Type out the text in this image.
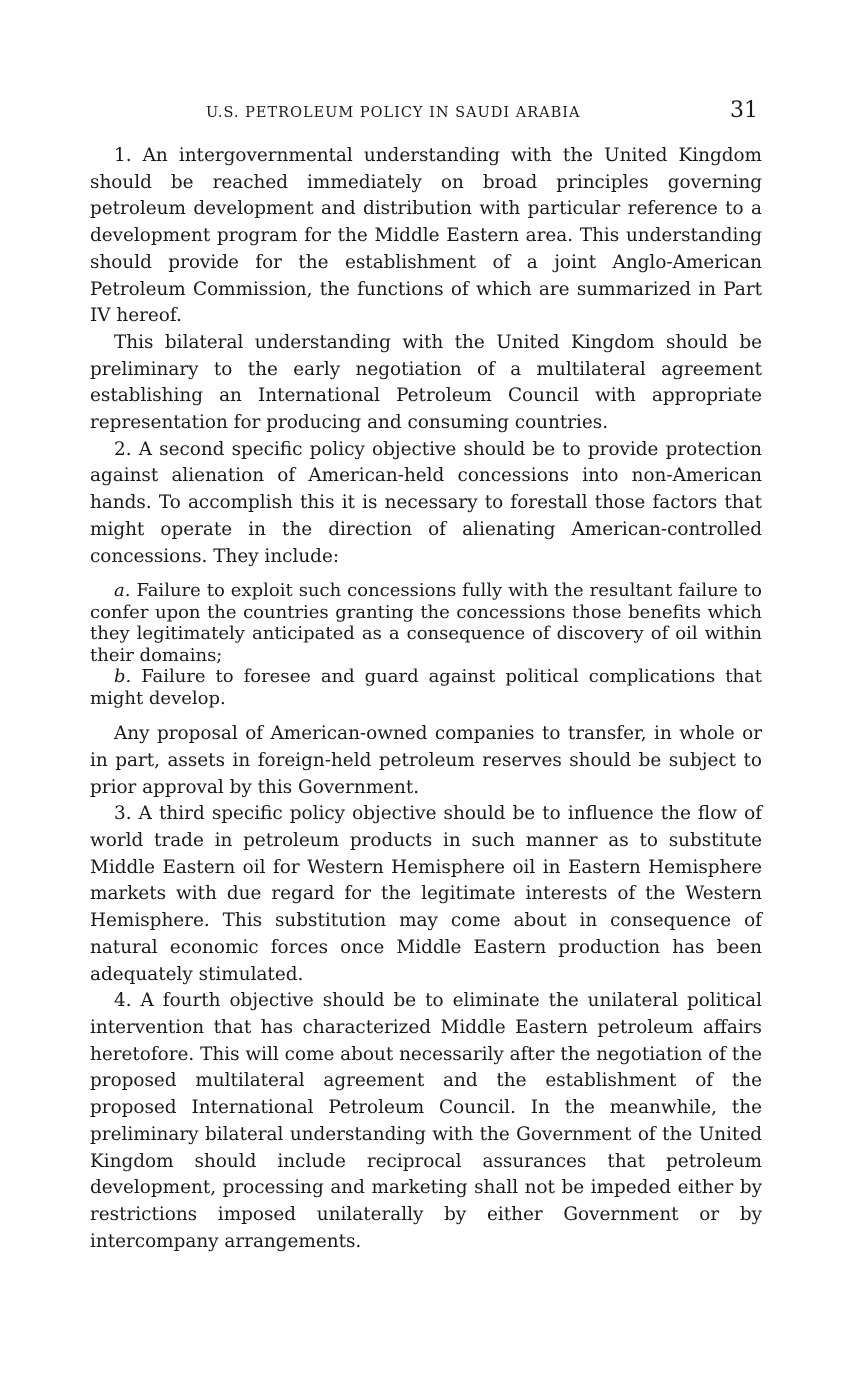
U.S. PETROLEUM POLICY IN SAUDI ARABIA	31

1. An intergovernmental understanding with the United Kingdom should be reached immediately on broad principles governing petroleum development and distribution with particular reference to a development program for the Middle Eastern area. This understanding should provide for the establishment of a joint Anglo-American Petroleum Commission, the functions of which are summarized in Part IV hereof.

This bilateral understanding with the United Kingdom should be preliminary to the early negotiation of a multilateral agreement establishing an International Petroleum Council with appropriate representation for producing and consuming countries.

2. A second specific policy objective should be to provide protection against alienation of American-held concessions into non-American hands. To accomplish this it is necessary to forestall those factors that might operate in the direction of alienating American-controlled concessions. They include:

a. Failure to exploit such concessions fully with the resultant failure to confer upon the countries granting the concessions those benefits which they legitimately anticipated as a consequence of discovery of oil within their domains;

b. Failure to foresee and guard against political complications that might develop.

Any proposal of American-owned companies to transfer, in whole or in part, assets in foreign-held petroleum reserves should be subject to prior approval by this Government.

3. A third specific policy objective should be to influence the flow of world trade in petroleum products in such manner as to substitute Middle Eastern oil for Western Hemisphere oil in Eastern Hemisphere markets with due regard for the legitimate interests of the Western Hemisphere. This substitution may come about in consequence of natural economic forces once Middle Eastern production has been adequately stimulated.

4. A fourth objective should be to eliminate the unilateral political intervention that has characterized Middle Eastern petroleum affairs heretofore. This will come about necessarily after the negotiation of the proposed multilateral agreement and the establishment of the proposed International Petroleum Council. In the meanwhile, the preliminary bilateral understanding with the Government of the United Kingdom should include reciprocal assurances that petroleum development, processing and marketing shall not be impeded either by restrictions imposed unilaterally by either Government or by intercompany arrangements.
